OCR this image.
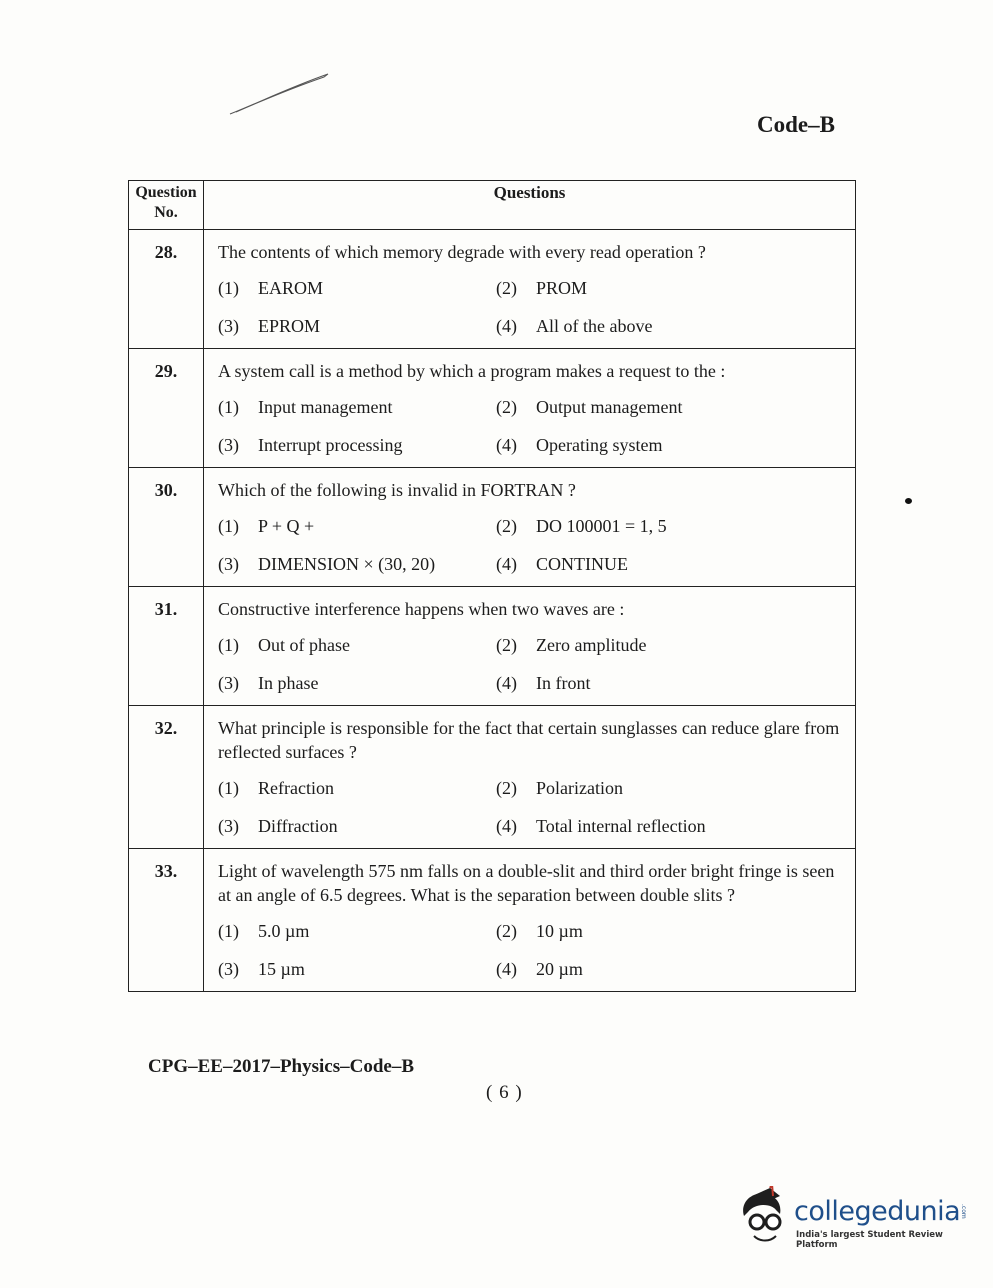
Code–B
Question No.	Questions
28.	The contents of which memory degrade with every read operation ?
(1) EAROM (2) PROM
(3) EPROM (4) All of the above

29.	A system call is a method by which a program makes a request to the :
(1) Input management (2) Output management
(3) Interrupt processing (4) Operating system

30.	Which of the following is invalid in FORTRAN ?
(1) P + Q + (2) DO 100001 = 1, 5
(3) DIMENSION × (30, 20) (4) CONTINUE

31.	Constructive interference happens when two waves are :
(1) Out of phase (2) Zero amplitude
(3) In phase (4) In front

32.	What principle is responsible for the fact that certain sunglasses can reduce glare from reflected surfaces ?
(1) Refraction (2) Polarization
(3) Diffraction (4) Total internal reflection

33.	Light of wavelength 575 nm falls on a double-slit and third order bright fringe is seen at an angle of 6.5 degrees. What is the separation between double slits ?
(1) 5.0 µm (2) 10 µm
(3) 15 µm (4) 20 µm
CPG–EE–2017–Physics–Code–B
( 6 )
collegedunia .com
India's largest Student Review Platform
